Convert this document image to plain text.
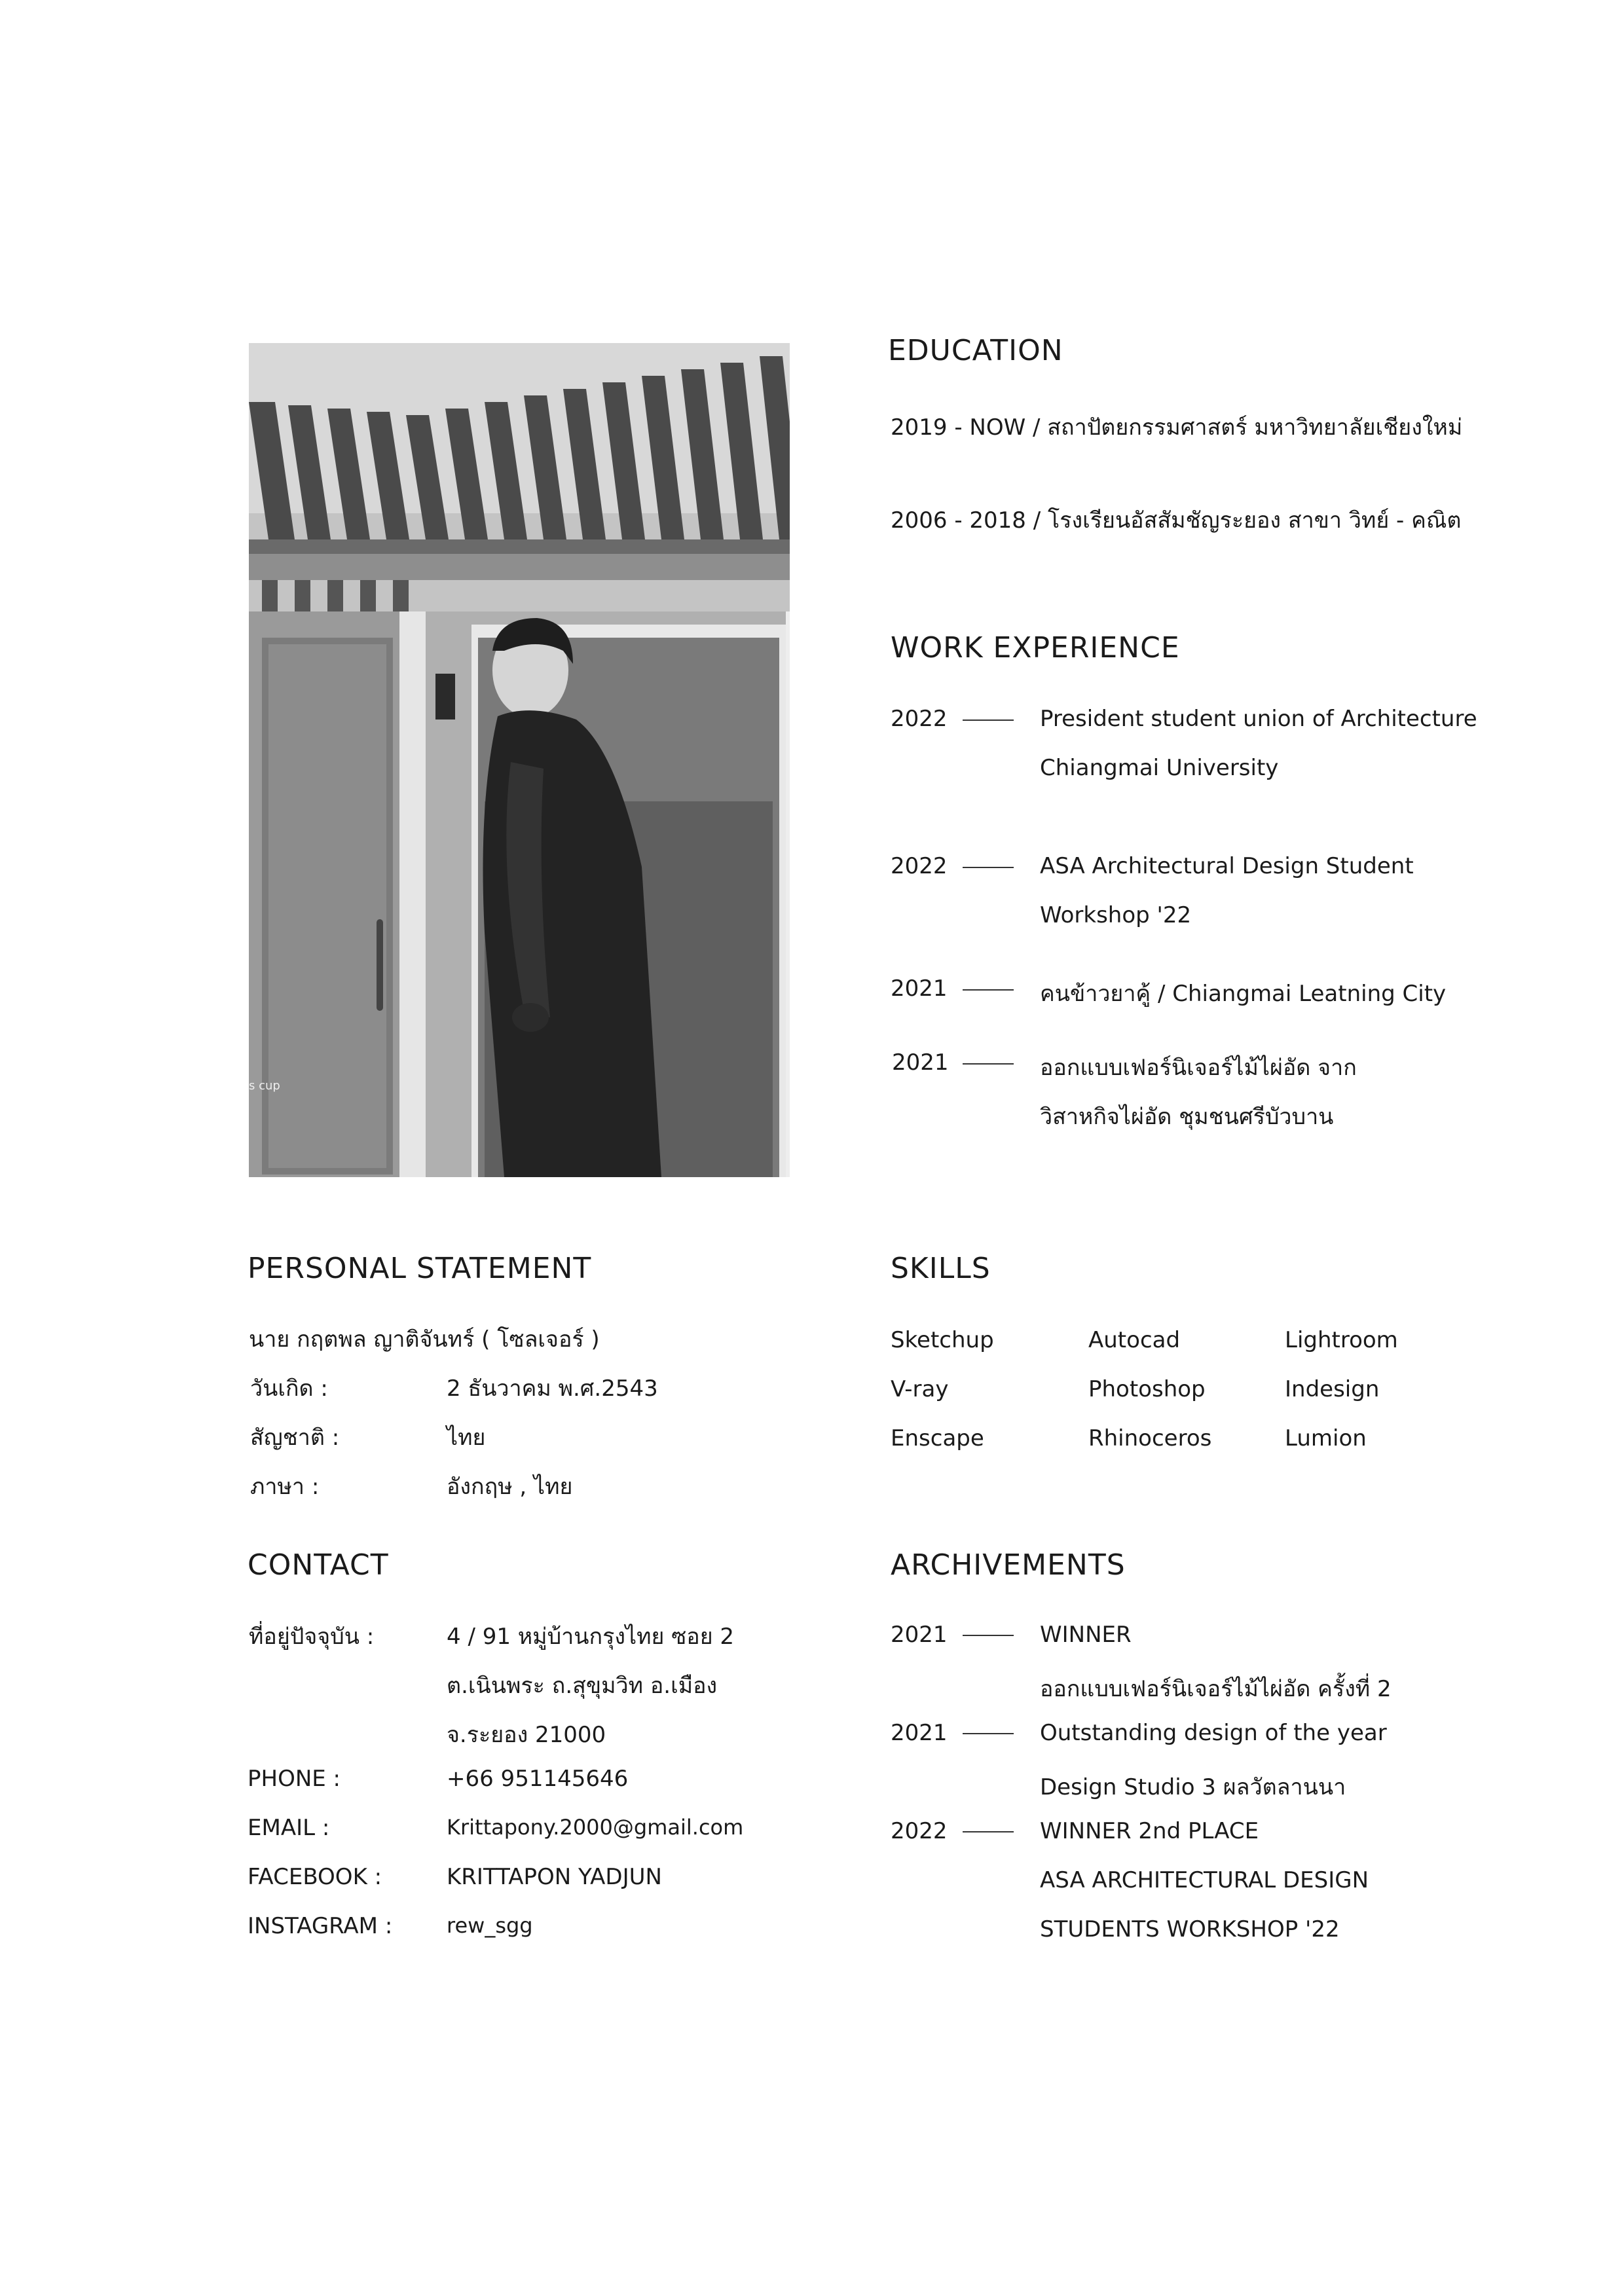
s cup
EDUCATION
2019 - NOW / สถาปัตยกรรมศาสตร์ มหาวิทยาลัยเชียงใหม่
2006 - 2018 / โรงเรียนอัสสัมชัญระยอง สาขา วิทย์ - คณิต
WORK EXPERIENCE
2022	President student union of Architecture
Chiangmai University
2022	ASA Architectural Design Student
Workshop '22
2021	คนข้าวยาคู้ / Chiangmai Leatning City
2021	ออกแบบเฟอร์นิเจอร์ไม้ไผ่อัด จาก
วิสาหกิจไผ่อัด ชุมชนศรีบัวบาน
PERSONAL STATEMENT
นาย กฤตพล ญาติจันทร์ ( โซลเจอร์ )
วันเกิด :	2 ธันวาคม พ.ศ.2543
สัญชาติ :	ไทย
ภาษา :	อังกฤษ , ไทย
SKILLS
Sketchup	Autocad	Lightroom
V-ray	Photoshop	Indesign
Enscape	Rhinoceros	Lumion
CONTACT
ที่อยู่ปัจจุบัน :	4 / 91 หมู่บ้านกรุงไทย ซอย 2
ต.เนินพระ ถ.สุขุมวิท อ.เมือง
จ.ระยอง 21000
PHONE :	+66 951145646
EMAIL :	Krittapony.2000@gmail.com
FACEBOOK :	KRITTAPON YADJUN
INSTAGRAM :	rew_sgg
ARCHIVEMENTS
2021	WINNER
ออกแบบเฟอร์นิเจอร์ไม้ไผ่อัด ครั้งที่ 2
2021	Outstanding design of the year
Design Studio 3 ผลวัตลานนา
2022	WINNER 2nd PLACE
ASA ARCHITECTURAL DESIGN
STUDENTS WORKSHOP '22
